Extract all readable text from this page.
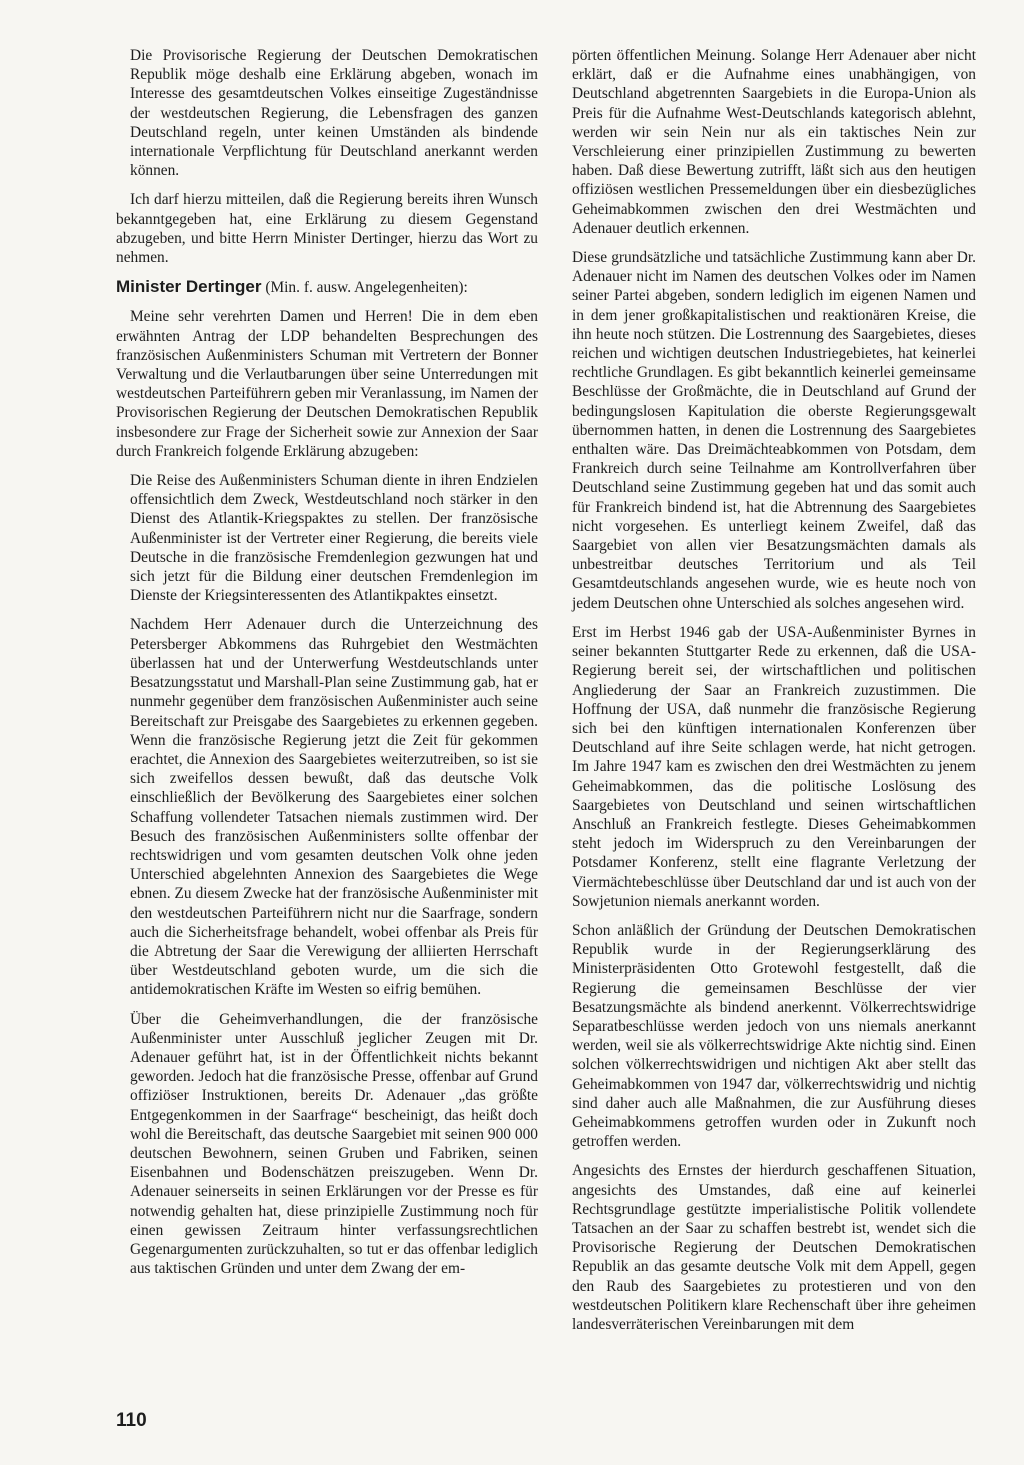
Die Provisorische Regierung der Deutschen Demokratischen Republik möge deshalb eine Erklärung abgeben, wonach im Interesse des gesamtdeutschen Volkes einseitige Zugeständnisse der westdeutschen Regierung, die Lebensfragen des ganzen Deutschland regeln, unter keinen Umständen als bindende internationale Verpflichtung für Deutschland anerkannt werden können.

Ich darf hierzu mitteilen, daß die Regierung bereits ihren Wunsch bekanntgegeben hat, eine Erklärung zu diesem Gegenstand abzugeben, und bitte Herrn Minister Dertinger, hierzu das Wort zu nehmen.

Minister Dertinger (Min. f. ausw. Angelegenheiten):

Meine sehr verehrten Damen und Herren! Die in dem eben erwähnten Antrag der LDP behandelten Besprechungen des französischen Außenministers Schuman mit Vertretern der Bonner Verwaltung und die Verlautbarungen über seine Unterredungen mit westdeutschen Parteiführern geben mir Veranlassung, im Namen der Provisorischen Regierung der Deutschen Demokratischen Republik insbesondere zur Frage der Sicherheit sowie zur Annexion der Saar durch Frankreich folgende Erklärung abzugeben:

Die Reise des Außenministers Schuman diente in ihren Endzielen offensichtlich dem Zweck, Westdeutschland noch stärker in den Dienst des Atlantik-Kriegspaktes zu stellen. Der französische Außenminister ist der Vertreter einer Regierung, die bereits viele Deutsche in die französische Fremdenlegion gezwungen hat und sich jetzt für die Bildung einer deutschen Fremdenlegion im Dienste der Kriegsinteressenten des Atlantikpaktes einsetzt.

Nachdem Herr Adenauer durch die Unterzeichnung des Petersberger Abkommens das Ruhrgebiet den Westmächten überlassen hat und der Unterwerfung Westdeutschlands unter Besatzungsstatut und Marshall-Plan seine Zustimmung gab, hat er nunmehr gegenüber dem französischen Außenminister auch seine Bereitschaft zur Preisgabe des Saargebietes zu erkennen gegeben. Wenn die französische Regierung jetzt die Zeit für gekommen erachtet, die Annexion des Saargebietes weiterzutreiben, so ist sie sich zweifellos dessen bewußt, daß das deutsche Volk einschließlich der Bevölkerung des Saargebietes einer solchen Schaffung vollendeter Tatsachen niemals zustimmen wird. Der Besuch des französischen Außenministers sollte offenbar der rechtswidrigen und vom gesamten deutschen Volk ohne jeden Unterschied abgelehnten Annexion des Saargebietes die Wege ebnen. Zu diesem Zwecke hat der französische Außenminister mit den westdeutschen Parteiführern nicht nur die Saarfrage, sondern auch die Sicherheitsfrage behandelt, wobei offenbar als Preis für die Abtretung der Saar die Verewigung der alliierten Herrschaft über Westdeutschland geboten wurde, um die sich die antidemokratischen Kräfte im Westen so eifrig bemühen.

Über die Geheimverhandlungen, die der französische Außenminister unter Ausschluß jeglicher Zeugen mit Dr. Adenauer geführt hat, ist in der Öffentlichkeit nichts bekannt geworden. Jedoch hat die französische Presse, offenbar auf Grund offiziöser Instruktionen, bereits Dr. Adenauer „das größte Entgegenkommen in der Saarfrage“ bescheinigt, das heißt doch wohl die Bereitschaft, das deutsche Saargebiet mit seinen 900 000 deutschen Bewohnern, seinen Gruben und Fabriken, seinen Eisenbahnen und Bodenschätzen preiszugeben. Wenn Dr. Adenauer seinerseits in seinen Erklärungen vor der Presse es für notwendig gehalten hat, diese prinzipielle Zustimmung noch für einen gewissen Zeitraum hinter verfassungsrechtlichen Gegenargumenten zurückzuhalten, so tut er das offenbar lediglich aus taktischen Gründen und unter dem Zwang der em-

pörten öffentlichen Meinung. Solange Herr Adenauer aber nicht erklärt, daß er die Aufnahme eines unabhängigen, von Deutschland abgetrennten Saargebiets in die Europa-Union als Preis für die Aufnahme West-Deutschlands kategorisch ablehnt, werden wir sein Nein nur als ein taktisches Nein zur Verschleierung einer prinzipiellen Zustimmung zu bewerten haben. Daß diese Bewertung zutrifft, läßt sich aus den heutigen offiziösen westlichen Pressemeldungen über ein diesbezügliches Geheimabkommen zwischen den drei Westmächten und Adenauer deutlich erkennen.

Diese grundsätzliche und tatsächliche Zustimmung kann aber Dr. Adenauer nicht im Namen des deutschen Volkes oder im Namen seiner Partei abgeben, sondern lediglich im eigenen Namen und in dem jener großkapitalistischen und reaktionären Kreise, die ihn heute noch stützen. Die Lostrennung des Saargebietes, dieses reichen und wichtigen deutschen Industriegebietes, hat keinerlei rechtliche Grundlagen. Es gibt bekanntlich keinerlei gemeinsame Beschlüsse der Großmächte, die in Deutschland auf Grund der bedingungslosen Kapitulation die oberste Regierungsgewalt übernommen hatten, in denen die Lostrennung des Saargebietes enthalten wäre. Das Dreimächteabkommen von Potsdam, dem Frankreich durch seine Teilnahme am Kontrollverfahren über Deutschland seine Zustimmung gegeben hat und das somit auch für Frankreich bindend ist, hat die Abtrennung des Saargebietes nicht vorgesehen. Es unterliegt keinem Zweifel, daß das Saargebiet von allen vier Besatzungsmächten damals als unbestreitbar deutsches Territorium und als Teil Gesamtdeutschlands angesehen wurde, wie es heute noch von jedem Deutschen ohne Unterschied als solches angesehen wird.

Erst im Herbst 1946 gab der USA-Außenminister Byrnes in seiner bekannten Stuttgarter Rede zu erkennen, daß die USA-Regierung bereit sei, der wirtschaftlichen und politischen Angliederung der Saar an Frankreich zuzustimmen. Die Hoffnung der USA, daß nunmehr die französische Regierung sich bei den künftigen internationalen Konferenzen über Deutschland auf ihre Seite schlagen werde, hat nicht getrogen. Im Jahre 1947 kam es zwischen den drei Westmächten zu jenem Geheimabkommen, das die politische Loslösung des Saargebietes von Deutschland und seinen wirtschaftlichen Anschluß an Frankreich festlegte. Dieses Geheimabkommen steht jedoch im Widerspruch zu den Vereinbarungen der Potsdamer Konferenz, stellt eine flagrante Verletzung der Viermächtebeschlüsse über Deutschland dar und ist auch von der Sowjetunion niemals anerkannt worden.

Schon anläßlich der Gründung der Deutschen Demokratischen Republik wurde in der Regierungserklärung des Ministerpräsidenten Otto Grotewohl festgestellt, daß die Regierung die gemeinsamen Beschlüsse der vier Besatzungsmächte als bindend anerkennt. Völkerrechtswidrige Separatbeschlüsse werden jedoch von uns niemals anerkannt werden, weil sie als völkerrechtswidrige Akte nichtig sind. Einen solchen völkerrechtswidrigen und nichtigen Akt aber stellt das Geheimabkommen von 1947 dar, völkerrechtswidrig und nichtig sind daher auch alle Maßnahmen, die zur Ausführung dieses Geheimabkommens getroffen wurden oder in Zukunft noch getroffen werden.

Angesichts des Ernstes der hierdurch geschaffenen Situation, angesichts des Umstandes, daß eine auf keinerlei Rechtsgrundlage gestützte imperialistische Politik vollendete Tatsachen an der Saar zu schaffen bestrebt ist, wendet sich die Provisorische Regierung der Deutschen Demokratischen Republik an das gesamte deutsche Volk mit dem Appell, gegen den Raub des Saargebietes zu protestieren und von den westdeutschen Politikern klare Rechenschaft über ihre geheimen landesverräterischen Vereinbarungen mit dem

110
